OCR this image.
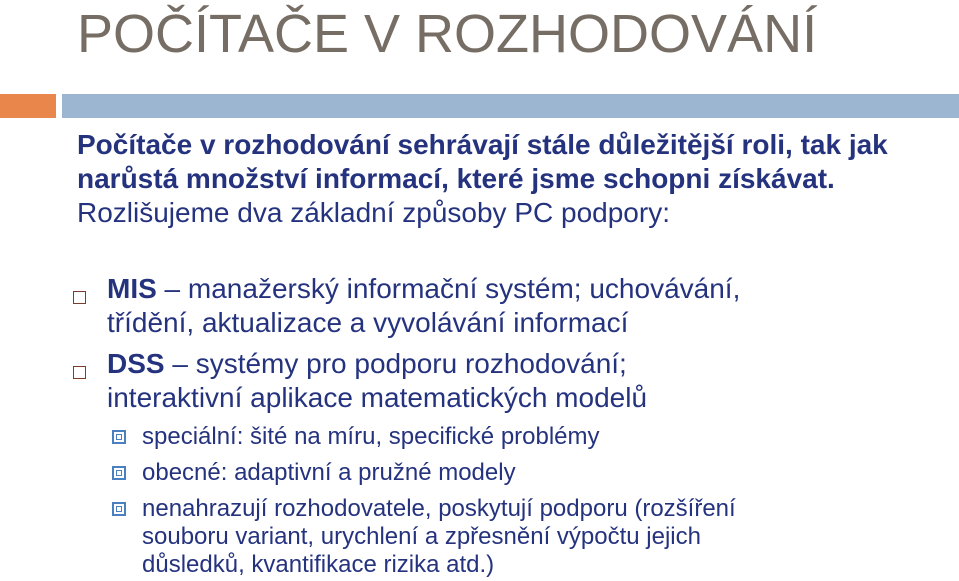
POČÍTAČE V ROZHODOVÁNÍ

Počítače v rozhodování sehrávají stále důležitější roli, tak jak narůstá množství informací, které jsme schopni získávat. Rozlišujeme dva základní způsoby PC podpory:

MIS – manažerský informační systém; uchovávání,
třídění, aktualizace a vyvolávání informací
DSS – systémy pro podporu rozhodování;
interaktivní aplikace matematických modelů
speciální: šité na míru, specifické problémy
obecné: adaptivní a pružné modely
nenahrazují rozhodovatele, poskytují podporu (rozšíření
souboru variant, urychlení a zpřesnění výpočtu jejich
důsledků, kvantifikace rizika atd.)
